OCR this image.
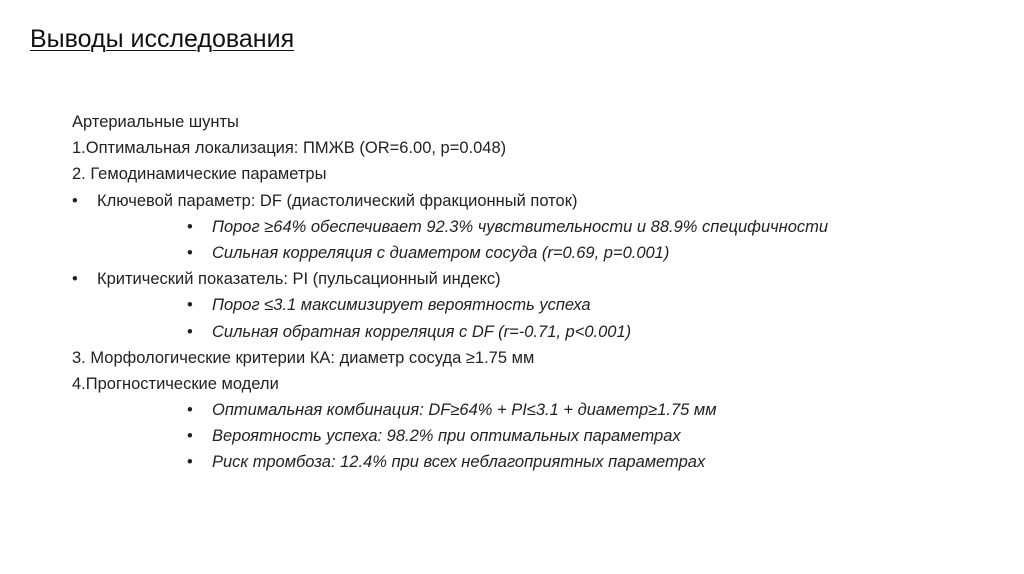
Выводы исследования
Артериальные шунты
1.Оптимальная локализация: ПМЖВ (OR=6.00, p=0.048)
2. Гемодинамические параметры
• Ключевой параметр: DF (диастолический фракционный поток)
• Порог ≥64% обеспечивает 92.3% чувствительности и 88.9% специфичности
• Сильная корреляция с диаметром сосуда (r=0.69, p=0.001)
• Критический показатель: PI (пульсационный индекс)
• Порог ≤3.1 максимизирует вероятность успеха
• Сильная обратная корреляция с DF (r=-0.71, p<0.001)
3. Морфологические критерии КА: диаметр сосуда ≥1.75 мм
4.Прогностические модели
• Оптимальная комбинация: DF≥64% + PI≤3.1 + диаметр≥1.75 мм
• Вероятность успеха: 98.2% при оптимальных параметрах
• Риск тромбоза: 12.4% при всех неблагоприятных параметрах
